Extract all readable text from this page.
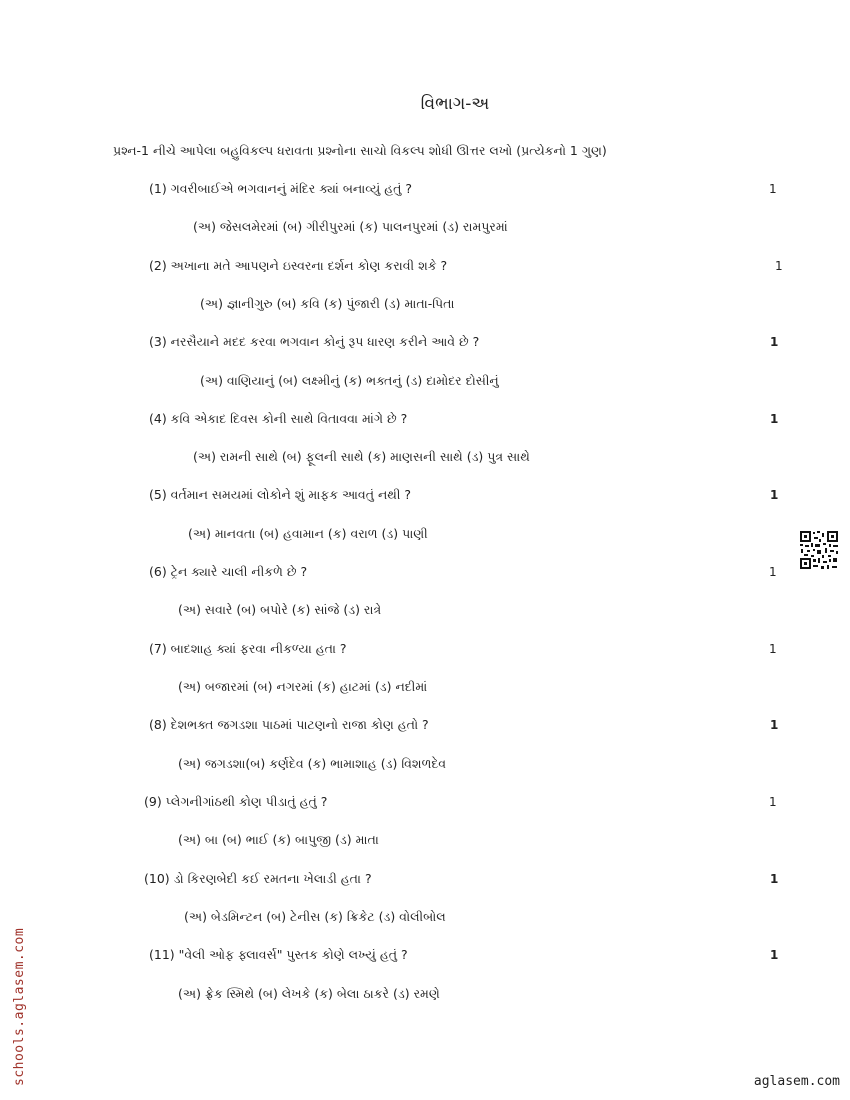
વિભાગ-અ
પ્રશ્ન-1 નીચે આપેલા બહુવિકલ્પ ધરાવતા પ્રશ્નોના સાચો વિકલ્પ શોધી ઊત્તર લખો (પ્રત્યેકનો 1 ગુણ)
(1) ગવરીબાઈએ ભગવાનનું મંદિર ક્યાં બનાવ્યું હતું ?	1
(અ) જેસલમેરમાં (બ) ગીરીપુરમાં (ક) પાલનપુરમાં (ડ) રામપુરમાં
(2) અખાના મતે આપણને ઇસ્વરના દર્શન કોણ કરાવી શકે ?	1
(અ) જ્ઞાનીગુરુ (બ) કવિ (ક) પુંજારી (ડ) માતા-પિતા
(3) નરસૈયાને મદદ કરવા ભગવાન કોનું રૂપ ધારણ કરીને આવે છે ?	1
(અ) વાણિયાનું (બ) લક્ષ્મીનું (ક) ભક્તનું (ડ) દામોદર દોસીનું
(4) કવિ એકાદ દિવસ કોની સાથે વિતાવવા માંગે છે ?	1
(અ) રામની સાથે (બ) ફૂલની સાથે (ક) માણસની સાથે (ડ) પુત્ર સાથે
(5) વર્તમાન સમયમાં લોકોને શું માફક આવતું નથી ?	1
(અ) માનવતા (બ) હવામાન (ક) વરાળ (ડ) પાણી
(6) ટ્રેન ક્યારે ચાલી નીકળે છે ?	1
(અ) સવારે (બ) બપોરે (ક) સાંજે (ડ) રાત્રે
(7) બાદશાહ ક્યાં ફરવા નીકળ્યા હતા ?	1
(અ) બજારમાં (બ) નગરમાં (ક) હાટમાં (ડ) નદીમાં
(8) દેશભક્ત જગડશા પાઠમાં પાટણનો રાજા કોણ હતો ?	1
(અ) જગડશા(બ) કર્ણદેવ (ક) ભામાશાહ (ડ) વિશળદેવ
(9) પ્લેગનીગાંઠથી કોણ પીડાતું હતું ?	1
(અ) બા (બ) ભાઈ (ક) બાપુજી (ડ) માતા
(10) ડો કિરણબેદી કઈ રમતના ખેલાડી હતા ?	1
(અ) બેડમિન્ટન (બ) ટેનીસ (ક) ક્રિકેટ (ડ) વોલીબોલ
(11) "વેલી ઓફ ફ્લાવર્સ" પુસ્તક કોણે લખ્યું હતું ?	1
(અ) ફ્રેક સ્મિથે (બ) લેખકે (ક) બેલા ઠાકરે (ડ) રમણે
schools.aglasem.com	aglasem.com
